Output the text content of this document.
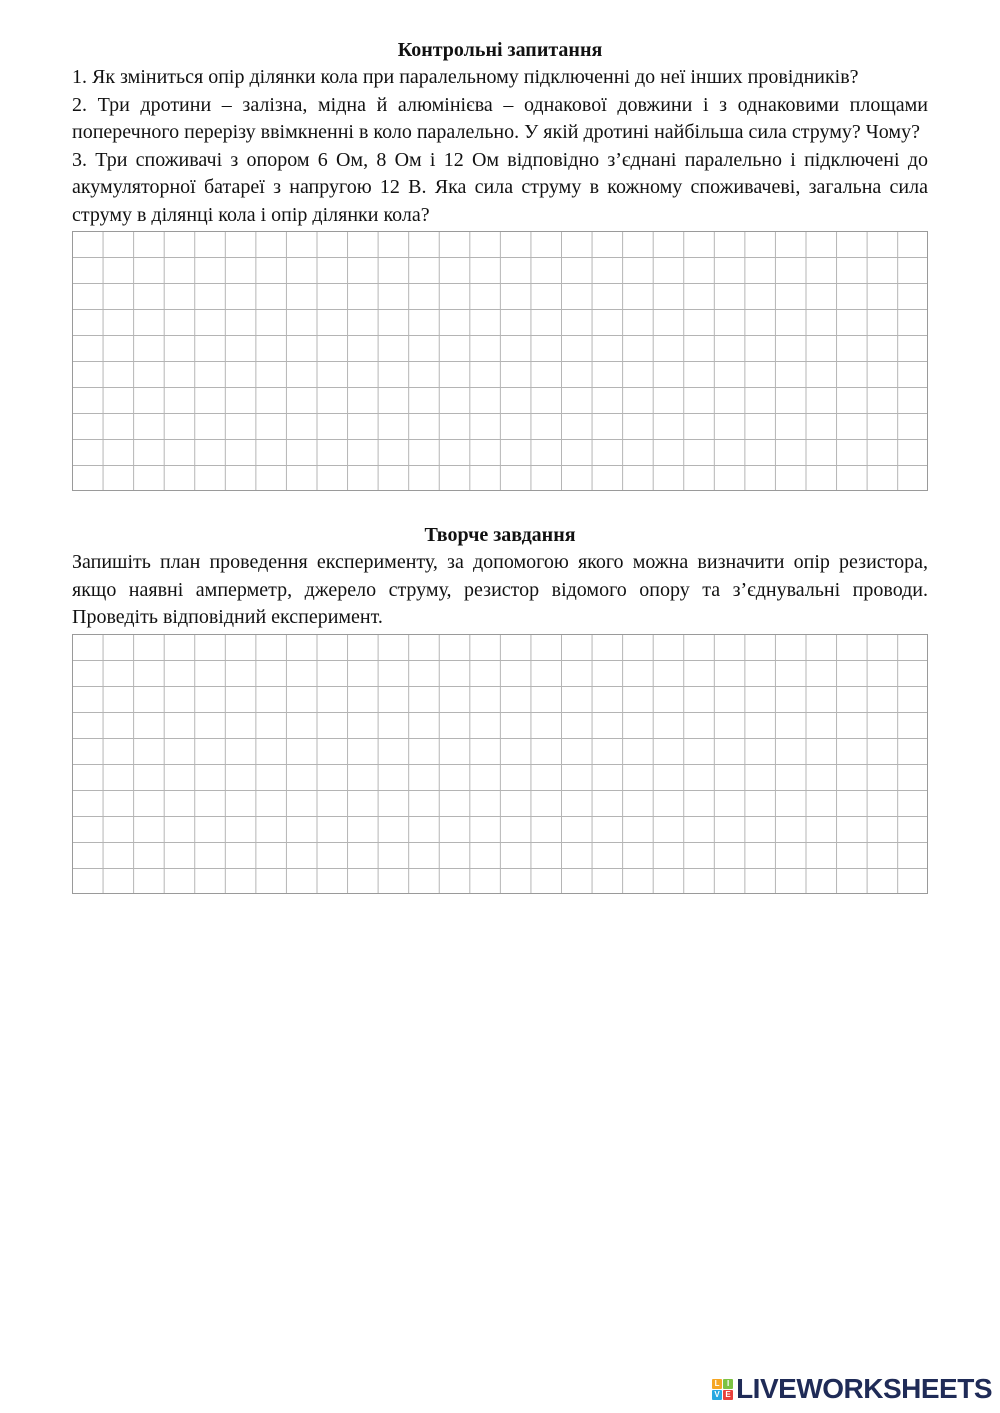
Контрольні запитання

1. Як зміниться опір ділянки кола при паралельному підключенні до неї інших провідників?

2. Три дротини – залізна, мідна й алюмінієва – однакової довжини і з однаковими площами поперечного перерізу ввімкненні в коло паралельно. У якій дротині найбільша сила струму? Чому?

3. Три споживачі з опором 6 Ом, 8 Ом і 12 Ом відповідно з’єднані паралельно і підключені до акумуляторної батареї з напругою 12 В. Яка сила струму в кожному споживачеві, загальна сила струму в ділянці кола і опір ділянки кола?

Творче завдання

Запишіть план проведення експерименту, за допомогою якого можна визначити опір резистора, якщо наявні амперметр, джерело струму, резистор відомого опору та з’єднувальні проводи. Проведіть відповідний експеримент.

L I
V E LIVEWORKSHEETS
